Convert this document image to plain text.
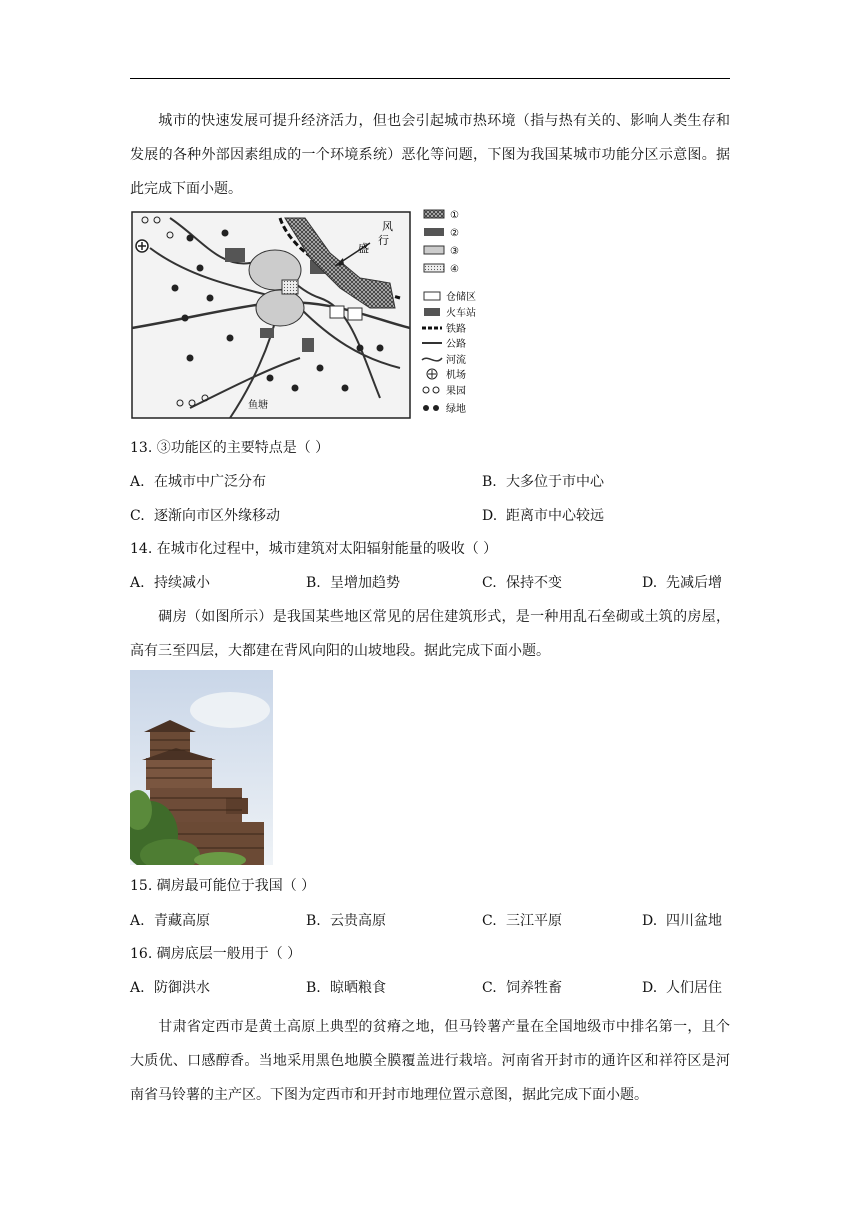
城市的快速发展可提升经济活力，但也会引起城市热环境（指与热有关的、影响人类生存和发展的各种外部因素组成的一个环境系统）恶化等问题，下图为我国某城市功能分区示意图。据此完成下面小题。
风
行
盛
鱼塘
①
②
③
④
仓储区
火车站
铁路
公路
河流
机场
果园
绿地
13. ③功能区的主要特点是（ ）
A. 在城市中广泛分布	B. 大多位于市中心
C. 逐渐向市区外缘移动	D. 距离市中心较远
14. 在城市化过程中，城市建筑对太阳辐射能量的吸收（ ）
A. 持续减小	B. 呈增加趋势	C. 保持不变	D. 先减后增
碉房（如图所示）是我国某些地区常见的居住建筑形式，是一种用乱石垒砌或土筑的房屋，高有三至四层，大都建在背风向阳的山坡地段。据此完成下面小题。
15. 碉房最可能位于我国（ ）
A. 青藏高原	B. 云贵高原	C. 三江平原	D. 四川盆地
16. 碉房底层一般用于（ ）
A. 防御洪水	B. 晾晒粮食	C. 饲养牲畜	D. 人们居住
甘肃省定西市是黄土高原上典型的贫瘠之地，但马铃薯产量在全国地级市中排名第一，且个大质优、口感醇香。当地采用黑色地膜全膜覆盖进行栽培。河南省开封市的通许区和祥符区是河南省马铃薯的主产区。下图为定西市和开封市地理位置示意图，据此完成下面小题。
